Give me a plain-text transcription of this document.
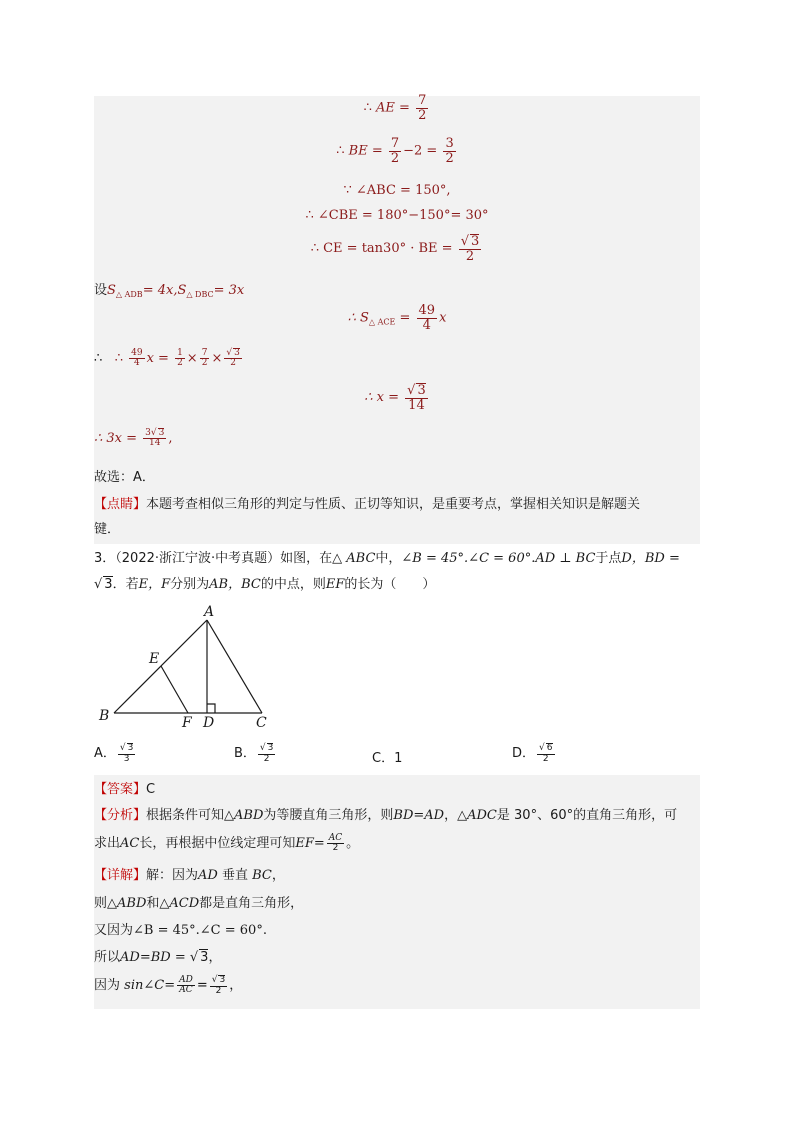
∴ AE = $\frac{7}{2}$
∴ BE = $\frac{7}{2} -2 = \frac{3}{2}$
∵ ∠ABC = 150°,
∴ ∠CBE = 180°−150°= 30°
∴ CE = tan30° · BE = $\frac{√ 3}{2}$
设$S_{\triangle ADB}= 4x,S_{\triangle DBC}= 3x$
∴ $S_{\triangle ACE} = \frac{49}{4}$ x
∴ ∴ $\frac{49}{4}$ $x = \frac{1}{2} \times \frac{7}{2} \times \frac{√ 3}{2}$
∴ $x = \frac{√ 3}{14}$
∴ $3x = \frac{3√ 3}{14}$ ,
故选：A．
【点睛】本题考查相似三角形的判定与性质、正切等知识，是重要考点，掌握相关知识是解题关
键．
3．（2022·浙江宁波·中考真题）如图，在△ ABC中，∠B = 45°.∠C = 60°.AD ⊥ BC于点D，BD =
√ 3．若E，F分别为AB，BC的中点，则EF的长为（　　）
A
B	C
D
E
F
A． $\frac{√ 3}{3}$	B． $\frac{√ 3}{2}$	C．1	D． $\frac{√ 6}{2}$
【答案】C
【分析】根据条件可知△ABD为等腰直角三角形，则BD=AD，△ADC是 30°、60°的直角三角形，可
求出AC长，再根据中位线定理可知$EF= \frac{AC}{2}$ 。
【详解】解：因为AD 垂直 BC，
则△ABD和△ACD都是直角三角形，
又因为∠B = 45°.∠C = 60°.
所以AD=BD = √ 3，
因为 sin∠C= $\frac{AD}{AC} = \frac{√ 3}{2}$ ，
